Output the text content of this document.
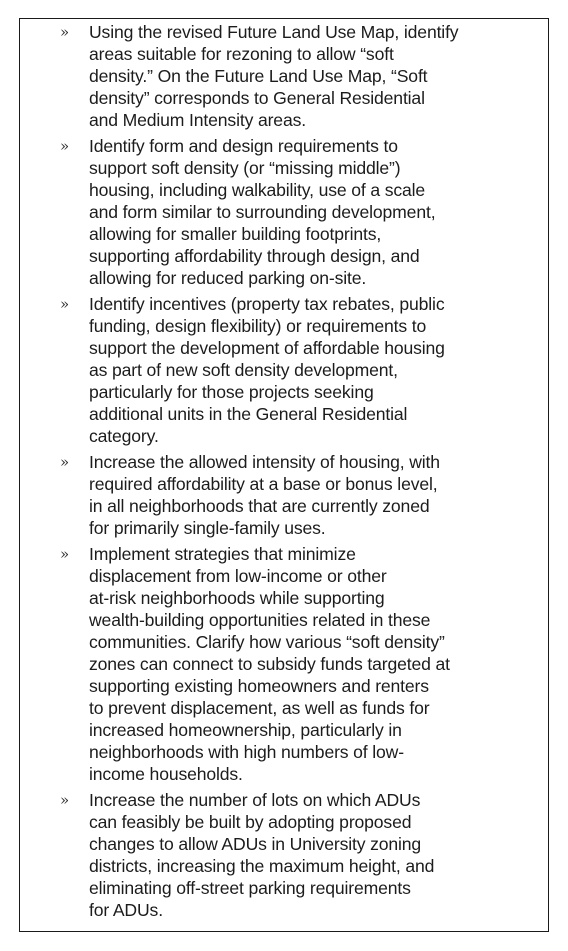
»	Using the revised Future Land Use Map, identify
areas suitable for rezoning to allow “soft
density.” On the Future Land Use Map, “Soft
density” corresponds to General Residential
and Medium Intensity areas.
»	Identify form and design requirements to
support soft density (or “missing middle”)
housing, including walkability, use of a scale
and form similar to surrounding development,
allowing for smaller building footprints,
supporting affordability through design, and
allowing for reduced parking on-site.
»	Identify incentives (property tax rebates, public
funding, design flexibility) or requirements to
support the development of affordable housing
as part of new soft density development,
particularly for those projects seeking
additional units in the General Residential
category.
»	Increase the allowed intensity of housing, with
required affordability at a base or bonus level,
in all neighborhoods that are currently zoned
for primarily single-family uses.
»	Implement strategies that minimize
displacement from low-income or other
at-risk neighborhoods while supporting
wealth-building opportunities related in these
communities. Clarify how various “soft density”
zones can connect to subsidy funds targeted at
supporting existing homeowners and renters
to prevent displacement, as well as funds for
increased homeownership, particularly in
neighborhoods with high numbers of low-
income households.
»	Increase the number of lots on which ADUs
can feasibly be built by adopting proposed
changes to allow ADUs in University zoning
districts, increasing the maximum height, and
eliminating off-street parking requirements
for ADUs.
